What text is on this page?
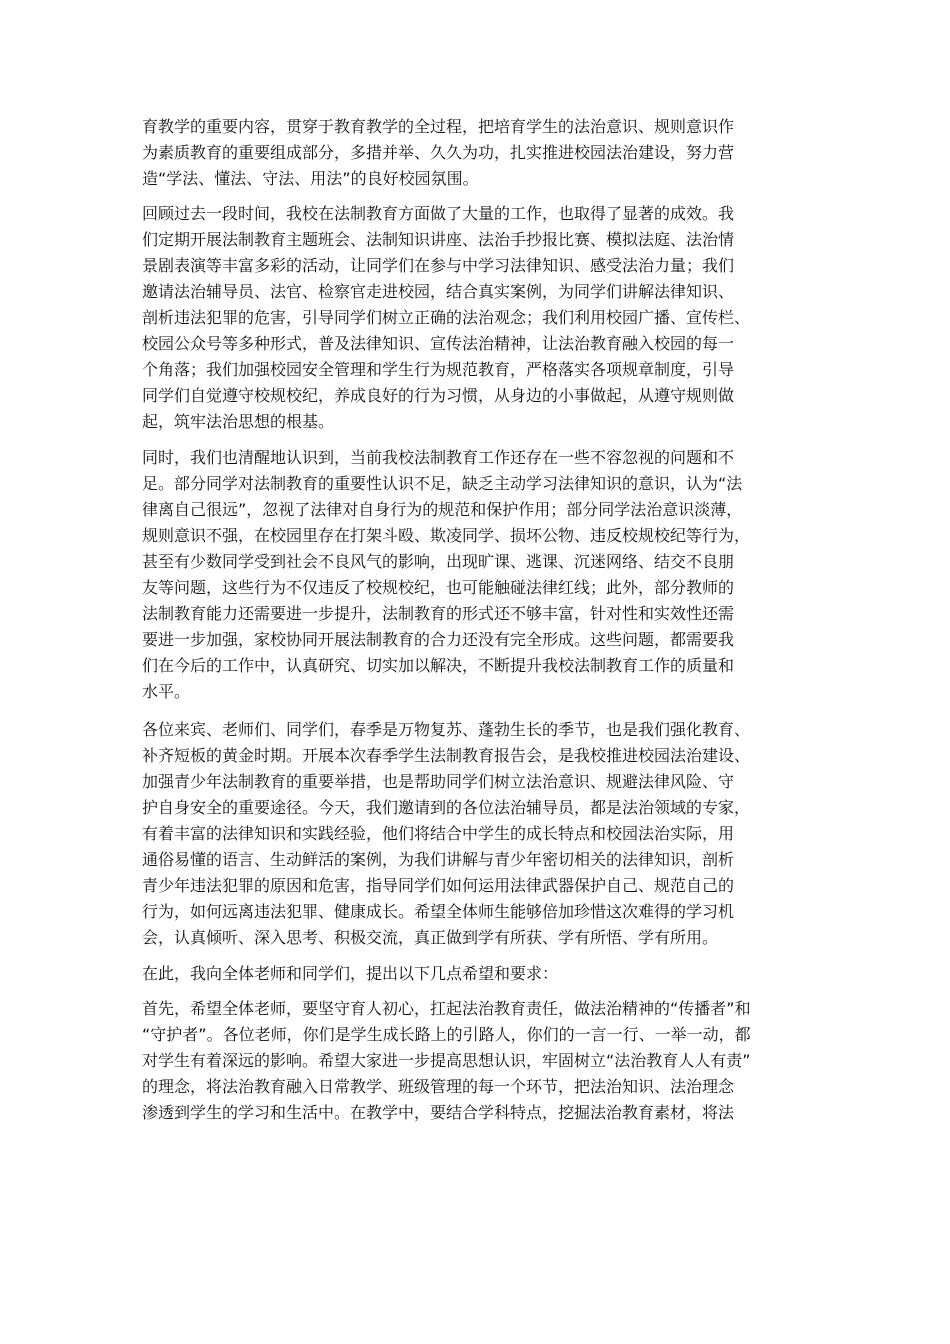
育教学的重要内容，贯穿于教育教学的全过程，把培育学生的法治意识、规则意识作
为素质教育的重要组成部分，多措并举、久久为功，扎实推进校园法治建设，努力营
造“学法、懂法、守法、用法”的良好校园氛围。

回顾过去一段时间，我校在法制教育方面做了大量的工作，也取得了显著的成效。我
们定期开展法制教育主题班会、法制知识讲座、法治手抄报比赛、模拟法庭、法治情
景剧表演等丰富多彩的活动，让同学们在参与中学习法律知识、感受法治力量；我们
邀请法治辅导员、法官、检察官走进校园，结合真实案例，为同学们讲解法律知识、
剖析违法犯罪的危害，引导同学们树立正确的法治观念；我们利用校园广播、宣传栏、
校园公众号等多种形式，普及法律知识、宣传法治精神，让法治教育融入校园的每一
个角落；我们加强校园安全管理和学生行为规范教育，严格落实各项规章制度，引导
同学们自觉遵守校规校纪，养成良好的行为习惯，从身边的小事做起，从遵守规则做
起，筑牢法治思想的根基。

同时，我们也清醒地认识到，当前我校法制教育工作还存在一些不容忽视的问题和不
足。部分同学对法制教育的重要性认识不足，缺乏主动学习法律知识的意识，认为“法
律离自己很远”，忽视了法律对自身行为的规范和保护作用；部分同学法治意识淡薄，
规则意识不强，在校园里存在打架斗殴、欺凌同学、损坏公物、违反校规校纪等行为，
甚至有少数同学受到社会不良风气的影响，出现旷课、逃课、沉迷网络、结交不良朋
友等问题，这些行为不仅违反了校规校纪，也可能触碰法律红线；此外，部分教师的
法制教育能力还需要进一步提升，法制教育的形式还不够丰富，针对性和实效性还需
要进一步加强，家校协同开展法制教育的合力还没有完全形成。这些问题，都需要我
们在今后的工作中，认真研究、切实加以解决，不断提升我校法制教育工作的质量和
水平。

各位来宾、老师们、同学们，春季是万物复苏、蓬勃生长的季节，也是我们强化教育、
补齐短板的黄金时期。开展本次春季学生法制教育报告会，是我校推进校园法治建设、
加强青少年法制教育的重要举措，也是帮助同学们树立法治意识、规避法律风险、守
护自身安全的重要途径。今天，我们邀请到的各位法治辅导员，都是法治领域的专家，
有着丰富的法律知识和实践经验，他们将结合中学生的成长特点和校园法治实际，用
通俗易懂的语言、生动鲜活的案例，为我们讲解与青少年密切相关的法律知识，剖析
青少年违法犯罪的原因和危害，指导同学们如何运用法律武器保护自己、规范自己的
行为，如何远离违法犯罪、健康成长。希望全体师生能够倍加珍惜这次难得的学习机
会，认真倾听、深入思考、积极交流，真正做到学有所获、学有所悟、学有所用。

在此，我向全体老师和同学们，提出以下几点希望和要求：

首先，希望全体老师，要坚守育人初心，扛起法治教育责任，做法治精神的“传播者”和
“守护者”。各位老师，你们是学生成长路上的引路人，你们的一言一行、一举一动，都
对学生有着深远的影响。希望大家进一步提高思想认识，牢固树立“法治教育人人有责”
的理念，将法治教育融入日常教学、班级管理的每一个环节，把法治知识、法治理念
渗透到学生的学习和生活中。在教学中，要结合学科特点，挖掘法治教育素材，将法
